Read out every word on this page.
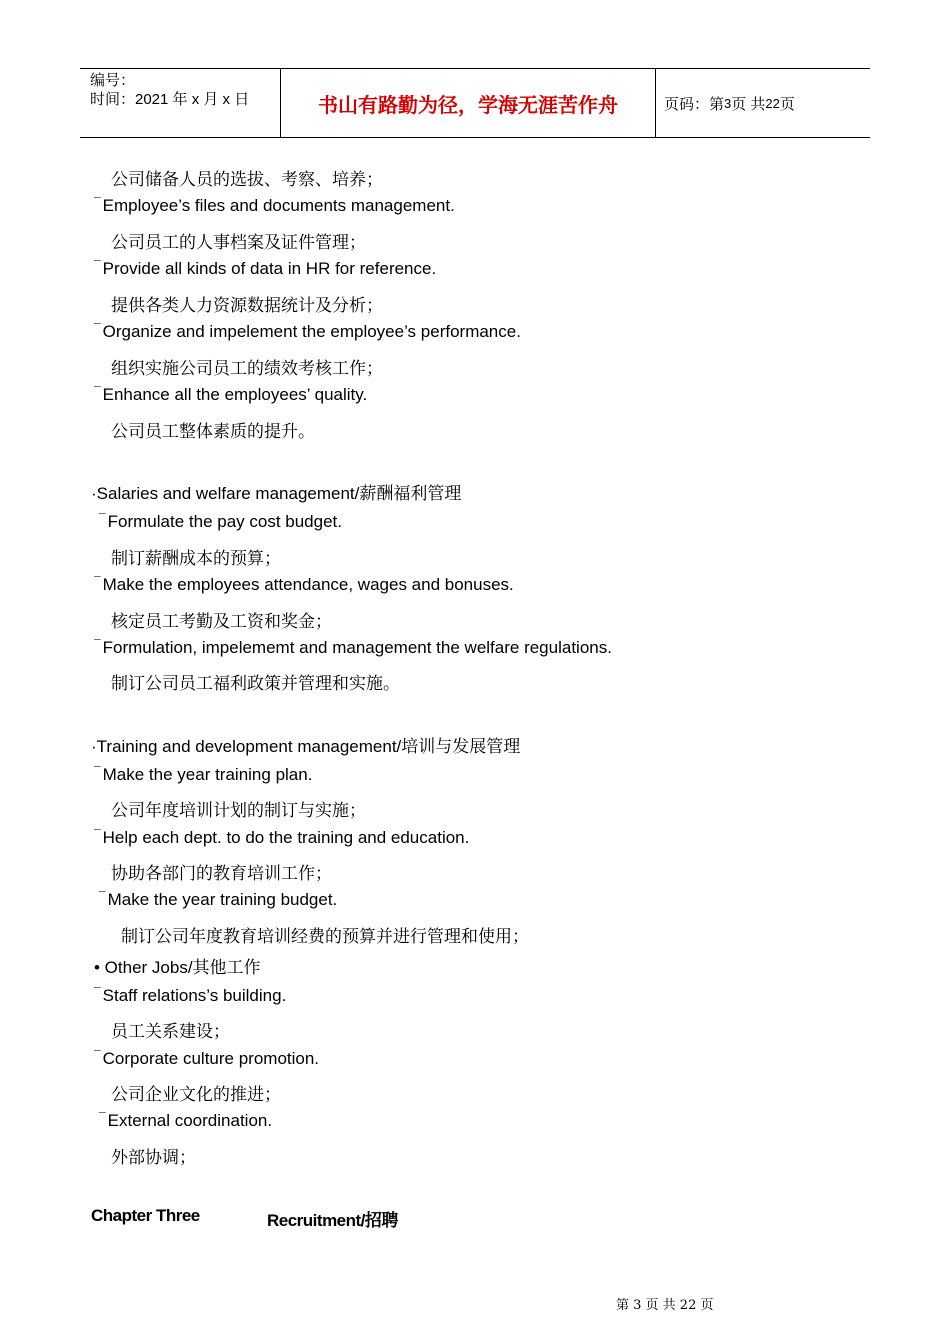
编号：
时间：2021 年 x 月 x 日	书山有路勤为径，学海无涯苦作舟	页码：第 3 页 共 22 页
公司储备人员的选拔、考察、培养；
¯ Employee’s files and documents management.
公司员工的人事档案及证件管理；
¯ Provide all kinds of data in HR for reference.
提供各类人力资源数据统计及分析；
¯ Organize and impelement the employee’s performance.
组织实施公司员工的绩效考核工作；
¯ Enhance all the employees’ quality.
公司员工整体素质的提升。
·Salaries and welfare management/薪酬福利管理
¯ Formulate the pay cost budget.
制订薪酬成本的预算；
¯ Make the employees attendance, wages and bonuses.
核定员工考勤及工资和奖金；
¯ Formulation, impelememt and management the welfare regulations.
制订公司员工福利政策并管理和实施。
·Training and development management/培训与发展管理
¯ Make the year training plan.
公司年度培训计划的制订与实施；
¯ Help each dept. to do the training and education.
协助各部门的教育培训工作；
¯ Make the year training budget.
制订公司年度教育培训经费的预算并进行管理和使用；
• Other Jobs/其他工作
¯ Staff relations’s building.
员工关系建设；
¯ Corporate culture promotion.
公司企业文化的推进；
¯ External coordination.
外部协调；
Chapter Three	Recruitment/招聘
第 3 页 共 22 页
